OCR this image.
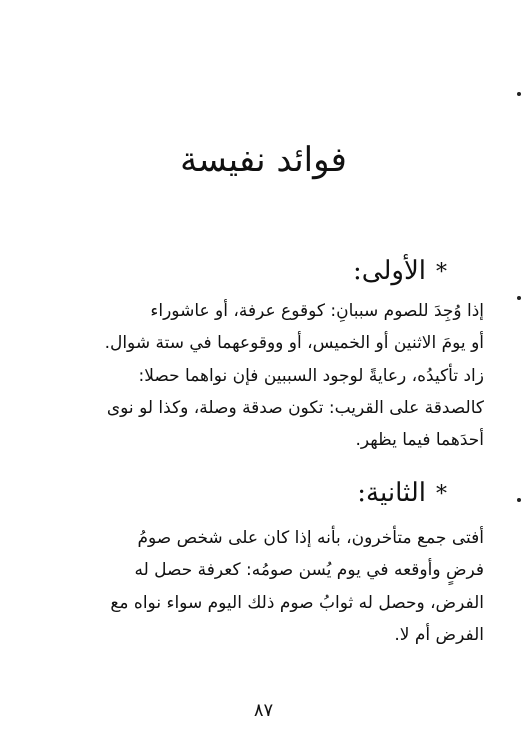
فوائد نفيسة
*الأولى:
إذا وُجِدَ للصوم سببانِ: كوقوع عرفة، أو عاشوراء
أو يومَ الاثنين أو الخميس، أو ووقوعهما في ستة شوال.
زاد تأكيدُه، رعايةً لوجود السببين فإن نواهما حصلا:
كالصدقة على القريب: تكون صدقة وصلة، وكذا لو نوى
أحدَهما فيما يظهر.
*الثانية:
أفتى جمع متأخرون، بأنه إذا كان على شخص صومُ
فرضٍ وأوقعه في يوم يُسن صومُه: كعرفة حصل له
الفرض، وحصل له ثوابُ صوم ذلك اليوم سواء نواه مع
الفرض أم لا.
٨٧
